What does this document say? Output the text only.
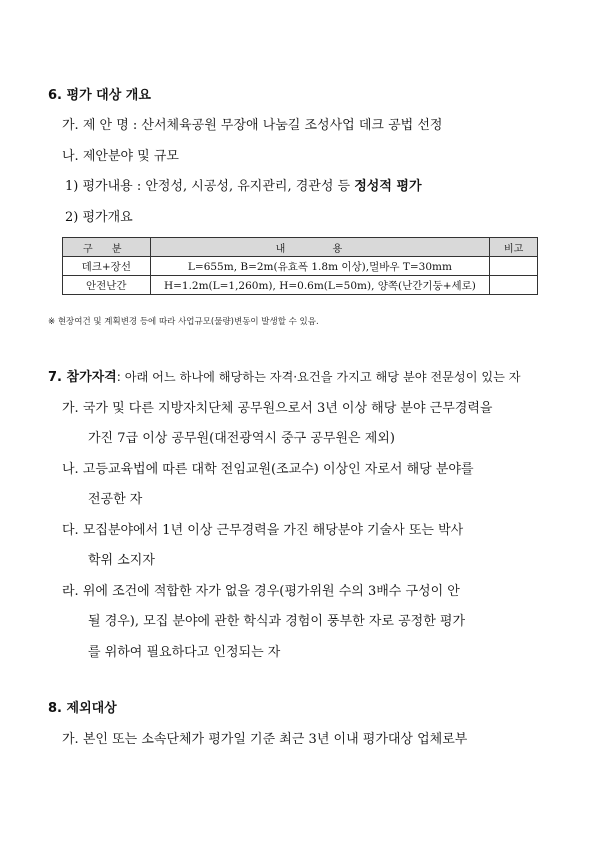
6. 평가 대상 개요
가. 제 안 명 : 산서체육공원 무장애 나눔길 조성사업 데크 공법 선정
나. 제안분야 및 규모
1) 평가내용 : 안정성, 시공성, 유지관리, 경관성 등 정성적 평가
2) 평가개요
구 분	내 용	비고
데크+장선	L=655m, B=2m(유효폭 1.8m 이상),멀바우 T=30mm	
안전난간	H=1.2m(L=1,260m), H=0.6m(L=50m), 양쪽(난간기둥+세로)	
※ 현장여건 및 계획변경 등에 따라 사업규모(물량)변동이 발생할 수 있음.
7. 참가자격: 아래 어느 하나에 해당하는 자격·요건을 가지고 해당 분야 전문성이 있는 자
가. 국가 및 다른 지방자치단체 공무원으로서 3년 이상 해당 분야 근무경력을
가진 7급 이상 공무원(대전광역시 중구 공무원은 제외)
나. 고등교육법에 따른 대학 전임교원(조교수) 이상인 자로서 해당 분야를
전공한 자
다. 모집분야에서 1년 이상 근무경력을 가진 해당분야 기술사 또는 박사
학위 소지자
라. 위에 조건에 적합한 자가 없을 경우(평가위원 수의 3배수 구성이 안
될 경우), 모집 분야에 관한 학식과 경험이 풍부한 자로 공정한 평가
를 위하여 필요하다고 인정되는 자
8. 제외대상
가. 본인 또는 소속단체가 평가일 기준 최근 3년 이내 평가대상 업체로부
